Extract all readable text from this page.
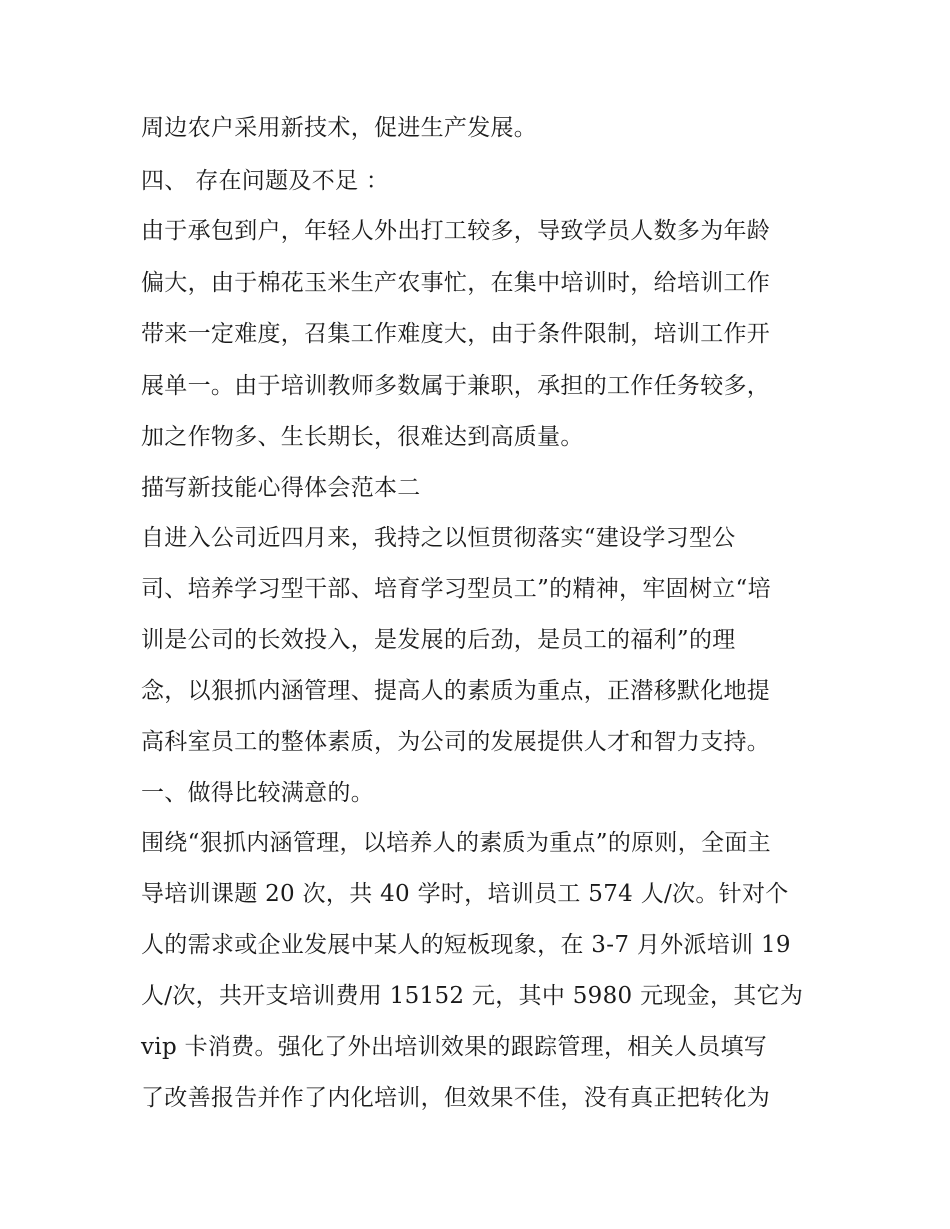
周边农户采用新技术，促进生产发展。
四、 存在问题及不足 ：
由于承包到户，年轻人外出打工较多，导致学员人数多为年龄
偏大，由于棉花玉米生产农事忙，在集中培训时，给培训工作
带来一定难度，召集工作难度大，由于条件限制，培训工作开
展单一。由于培训教师多数属于兼职，承担的工作任务较多，
加之作物多、生长期长，很难达到高质量。
描写新技能心得体会范本二
自进入公司近四月来，我持之以恒贯彻落实“建设学习型公
司、培养学习型干部、培育学习型员工”的精神，牢固树立“培
训是公司的长效投入，是发展的后劲，是员工的福利”的理
念，以狠抓内涵管理、提高人的素质为重点，正潜移默化地提
高科室员工的整体素质，为公司的发展提供人才和智力支持。
一、做得比较满意的。
围绕“狠抓内涵管理，以培养人的素质为重点”的原则，全面主
导培训课题 20 次，共 40 学时，培训员工 574 人/次。针对个
人的需求或企业发展中某人的短板现象，在 3-7 月外派培训 19
人/次，共开支培训费用 15152 元，其中 5980 元现金，其它为
vip 卡消费。强化了外出培训效果的跟踪管理，相关人员填写
了改善报告并作了内化培训，但效果不佳，没有真正把转化为
